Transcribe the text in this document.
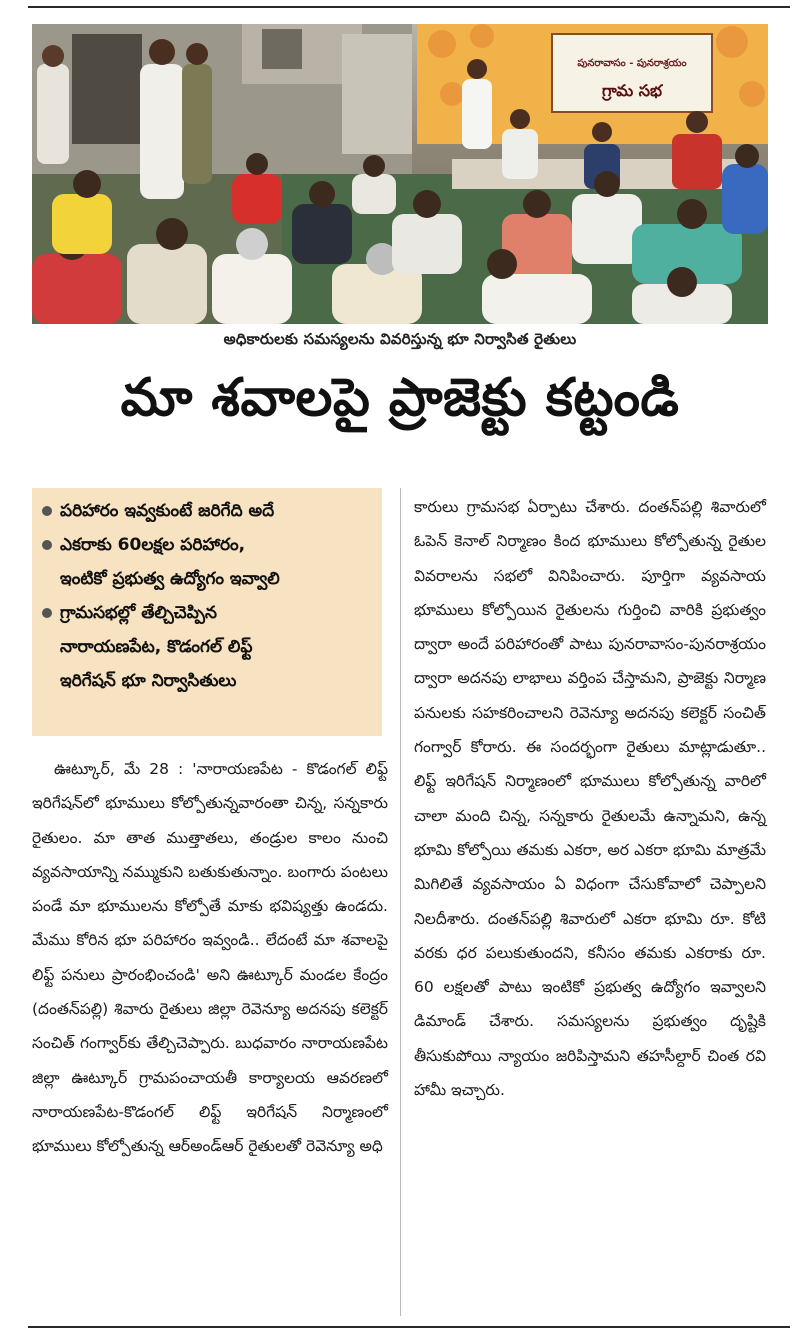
పునరావాసం - పునరాశ్రయం
గ్రామ సభ
అధికారులకు సమస్యలను వివరిస్తున్న భూ నిర్వాసిత రైతులు
మా శవాలపై ప్రాజెక్టు కట్టండి
పరిహారం ఇవ్వకుంటే జరిగేది అదే
ఎకరాకు 60లక్షల పరిహారం,
ఇంటికో ప్రభుత్వ ఉద్యోగం ఇవ్వాలి
గ్రామసభల్లో తేల్చిచెప్పిన
నారాయణపేట, కొడంగల్ లిఫ్ట్
ఇరిగేషన్ భూ నిర్వాసితులు

ఊట్కూర్, మే 28 : 'నారాయణపేట - కొడంగల్ లిఫ్ట్ ఇరిగేషన్‌లో భూములు కోల్పోతున్నవారంతా చిన్న, సన్నకారు రైతులం. మా తాత ముత్తాతలు, తండ్రుల కాలం నుంచి వ్యవసాయాన్ని నమ్ముకుని బతుకుతున్నాం. బంగారు పంటలు పండే మా భూములను కోల్పోతే మాకు భవిష్యత్తు ఉండదు. మేము కోరిన భూ పరిహారం ఇవ్వండి.. లేదంటే మా శవాలపై లిఫ్ట్ పనులు ప్రారంభించండి' అని ఊట్కూర్ మండల కేంద్రం (దంతన్‌పల్లి) శివారు రైతులు జిల్లా రెవెన్యూ అదనపు కలెక్టర్ సంచిత్ గంగ్వార్‌కు తేల్చిచెప్పారు. బుధవారం నారాయణపేట జిల్లా ఊట్కూర్ గ్రామపంచాయతీ కార్యాలయ ఆవరణలో నారాయణపేట-కొడంగల్ లిఫ్ట్ ఇరిగేషన్ నిర్మాణంలో భూములు కోల్పోతున్న ఆర్‌అండ్‌ఆర్ రైతులతో రెవెన్యూ అధి

కారులు గ్రామసభ ఏర్పాటు చేశారు. దంతన్‌పల్లి శివారులో ఓపెన్ కెనాల్ నిర్మాణం కింద భూములు కోల్పోతున్న రైతుల వివరాలను సభలో వినిపించారు. పూర్తిగా వ్యవసాయ భూములు కోల్పోయిన రైతులను గుర్తించి వారికి ప్రభుత్వం ద్వారా అందే పరిహారంతో పాటు పునరావాసం-పునరాశ్రయం ద్వారా అదనపు లాభాలు వర్తింప చేస్తామని, ప్రాజెక్టు నిర్మాణ పనులకు సహకరించాలని రెవెన్యూ అదనపు కలెక్టర్ సంచిత్ గంగ్వార్ కోరారు. ఈ సందర్భంగా రైతులు మాట్లాడుతూ.. లిఫ్ట్ ఇరిగేషన్ నిర్మాణంలో భూములు కోల్పోతున్న వారిలో చాలా మంది చిన్న, సన్నకారు రైతులమే ఉన్నామని, ఉన్న భూమి కోల్పోయి తమకు ఎకరా, అర ఎకరా భూమి మాత్రమే మిగిలితే వ్యవసాయం ఏ విధంగా చేసుకోవాలో చెప్పాలని నిలదీశారు. దంతన్‌పల్లి శివారులో ఎకరా భూమి రూ. కోటి వరకు ధర పలుకుతుందని, కనీసం తమకు ఎకరాకు రూ. 60 లక్షలతో పాటు ఇంటికో ప్రభుత్వ ఉద్యోగం ఇవ్వాలని డిమాండ్ చేశారు. సమస్యలను ప్రభుత్వం దృష్టికి తీసుకుపోయి న్యాయం జరిపిస్తామని తహసీల్దార్ చింత రవి హామీ ఇచ్చారు.
